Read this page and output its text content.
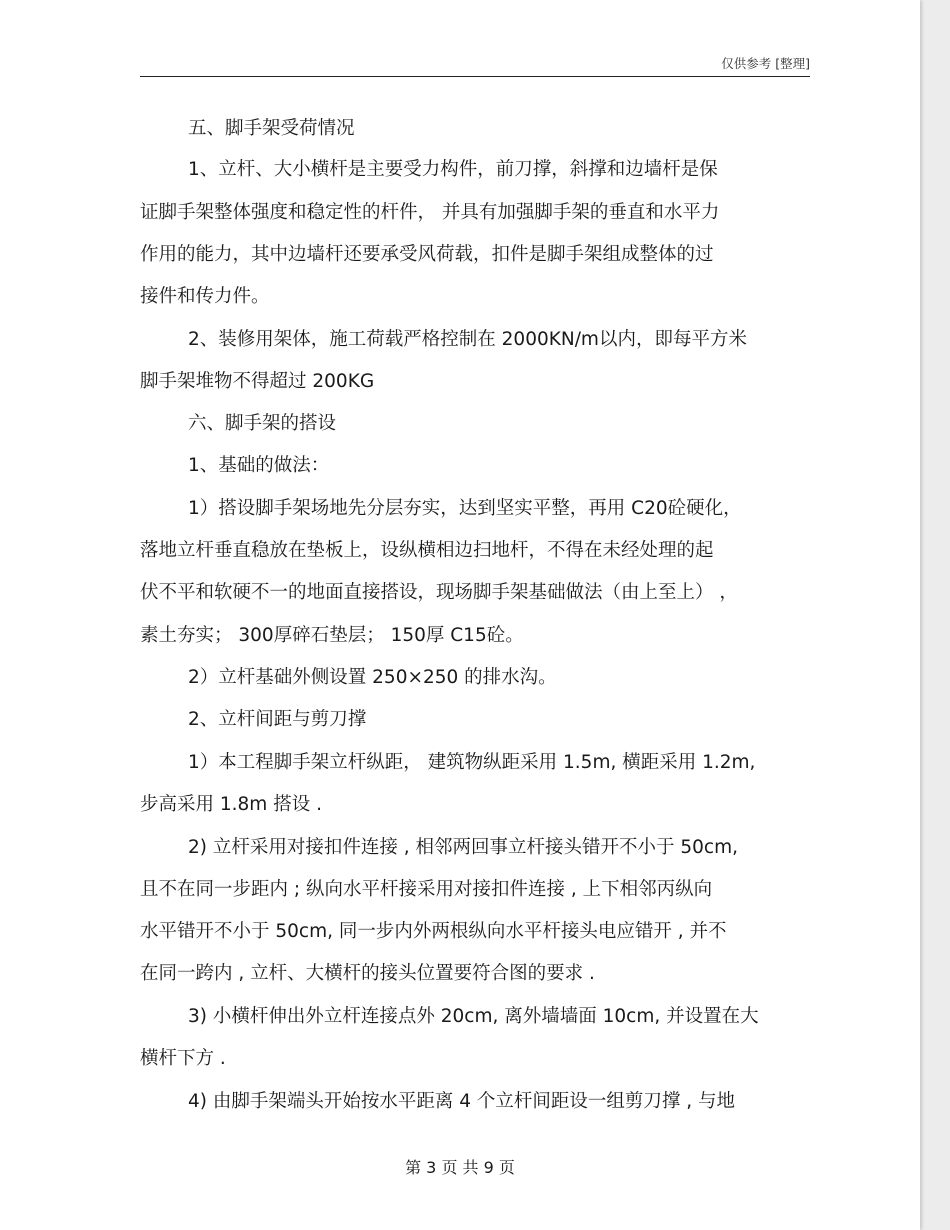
仅供参考 [整理]
五、脚手架受荷情况
1、立杆、大小横杆是主要受力构件，前刀撑，斜撑和边墙杆是保
证脚手架整体强度和稳定性的杆件， 并具有加强脚手架的垂直和水平力
作用的能力，其中边墙杆还要承受风荷载，扣件是脚手架组成整体的过
接件和传力件。
2、装修用架体，施工荷载严格控制在 2000KN/m以内，即每平方米
脚手架堆物不得超过 200KG
六、脚手架的搭设
1、基础的做法：
1）搭设脚手架场地先分层夯实，达到坚实平整，再用 C20砼硬化，
落地立杆垂直稳放在垫板上，设纵横相边扫地杆，不得在未经处理的起
伏不平和软硬不一的地面直接搭设，现场脚手架基础做法（由上至上） ，
素土夯实； 300厚碎石垫层； 150厚 C15砼。
2）立杆基础外侧设置 250×250 的排水沟。
2、立杆间距与剪刀撑
1）本工程脚手架立杆纵距， 建筑物纵距采用 1.5m, 横距采用 1.2m,
步高采用 1.8m 搭设 .
2) 立杆采用对接扣件连接 , 相邻两回事立杆接头错开不小于 50cm,
且不在同一步距内 ; 纵向水平杆接采用对接扣件连接 , 上下相邻丙纵向
水平错开不小于 50cm, 同一步内外两根纵向水平杆接头电应错开 , 并不
在同一跨内 , 立杆、大横杆的接头位置要符合图的要求 .
3) 小横杆伸出外立杆连接点外 20cm, 离外墙墙面 10cm, 并设置在大
横杆下方 .
4) 由脚手架端头开始按水平距离 4 个立杆间距设一组剪刀撑 , 与地
第 3 页 共 9 页
